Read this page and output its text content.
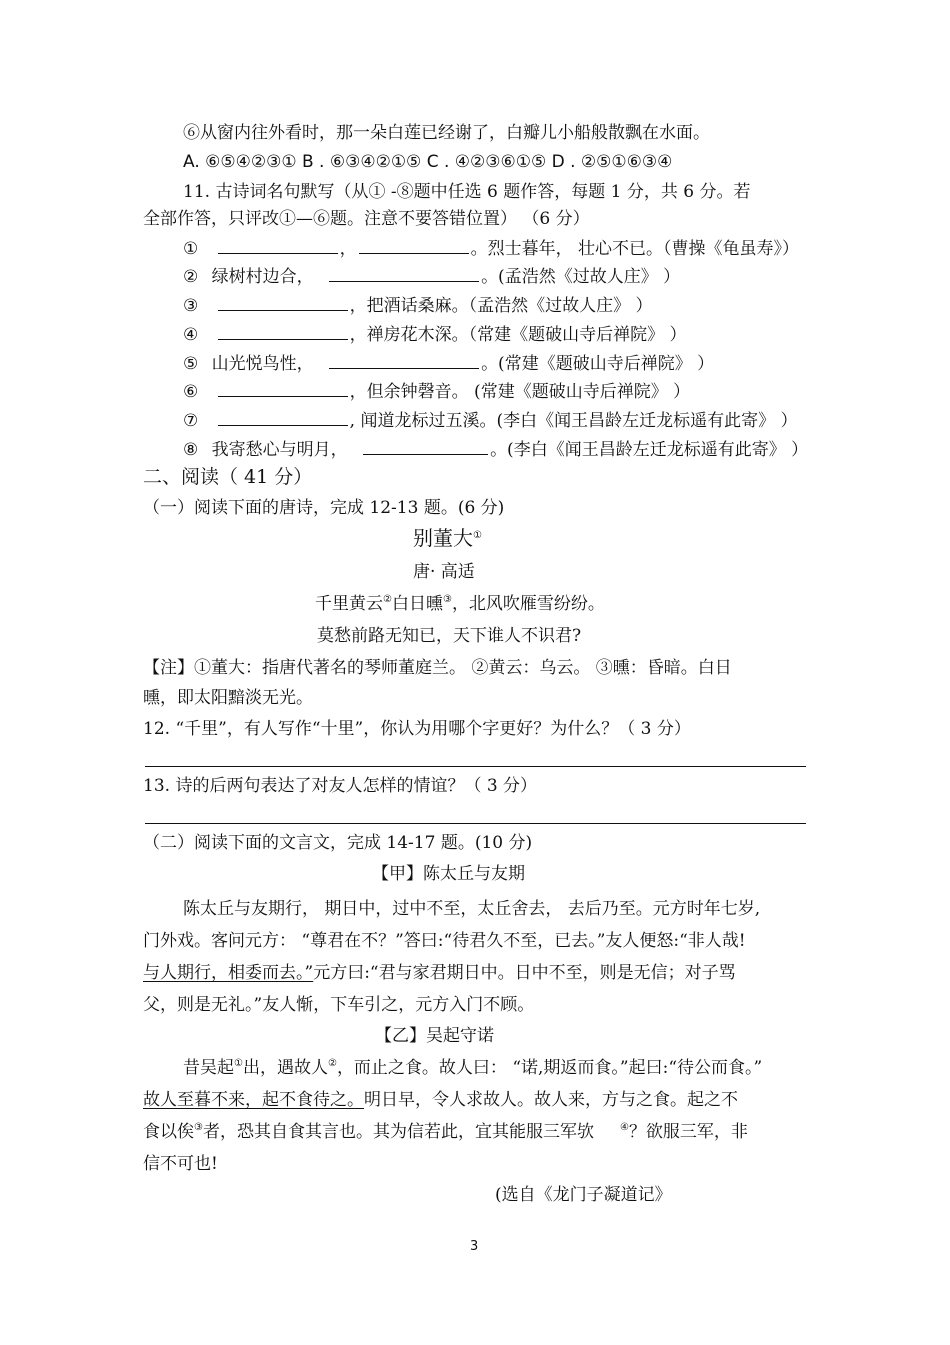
⑥从窗内往外看时，那一朵白莲已经谢了，白瓣儿小船般散飘在水面。
A. ⑥⑤④②③① B . ⑥③④②①⑤ C . ④②③⑥①⑤ D . ②⑤①⑥③④
11. 古诗词名句默写（从① -⑧题中任选 6 题作答，每题 1 分，共 6 分。若
全部作答，只评改①—⑥题。注意不要答错位置） （6 分）
①	，	。烈士暮年， 壮心不已。（曹操《龟虽寿》）
② 绿树村边合，	。(孟浩然《过故人庄》 ）
③	，把酒话桑麻。（孟浩然《过故人庄》 ）
④	，禅房花木深。（常建《题破山寺后禅院》 ）
⑤ 山光悦鸟性，	。(常建《题破山寺后禅院》 ）
⑥	，但余钟磬音。 (常建《题破山寺后禅院》 ）
⑦	, 闻道龙标过五溪。(李白《闻王昌龄左迁龙标遥有此寄》 ）
⑧ 我寄愁心与明月，	。(李白《闻王昌龄左迁龙标遥有此寄》 ）
二、阅读（ 41 分）
（一）阅读下面的唐诗，完成 12-13 题。(6 分)
别董大①
唐· 高适
千里黄云②白日曛③，北风吹雁雪纷纷。
莫愁前路无知已，天下谁人不识君?
【注】①董大：指唐代著名的琴师董庭兰。 ②黄云：乌云。 ③曛：昏暗。白日
曛，即太阳黯淡无光。
12. “千里”，有人写作“十里”，你认为用哪个字更好？为什么？（ 3 分）
13. 诗的后两句表达了对友人怎样的情谊？（ 3 分）
（二）阅读下面的文言文，完成 14-17 题。(10 分)
【甲】陈太丘与友期
陈太丘与友期行， 期日中，过中不至，太丘舍去， 去后乃至。元方时年七岁,
门外戏。客问元方： “尊君在不？”答曰:“待君久不至，已去。”友人便怒:“非人哉!
与人期行，相委而去。”元方曰:“君与家君期日中。日中不至，则是无信；对子骂
父，则是无礼。”友人惭，下车引之，元方入门不顾。
【乙】吴起守诺
昔吴起①出，遇故人②，而止之食。故人曰： “诺,期返而食。”起曰:“待公而食。”
故人至暮不来，起不食待之。明日早，令人求故人。故人来，方与之食。起之不
食以俟③者，恐其自食其言也。其为信若此，宜其能服三军欤	④？欲服三军，非
信不可也!
(选自《龙门子凝道记》
3
